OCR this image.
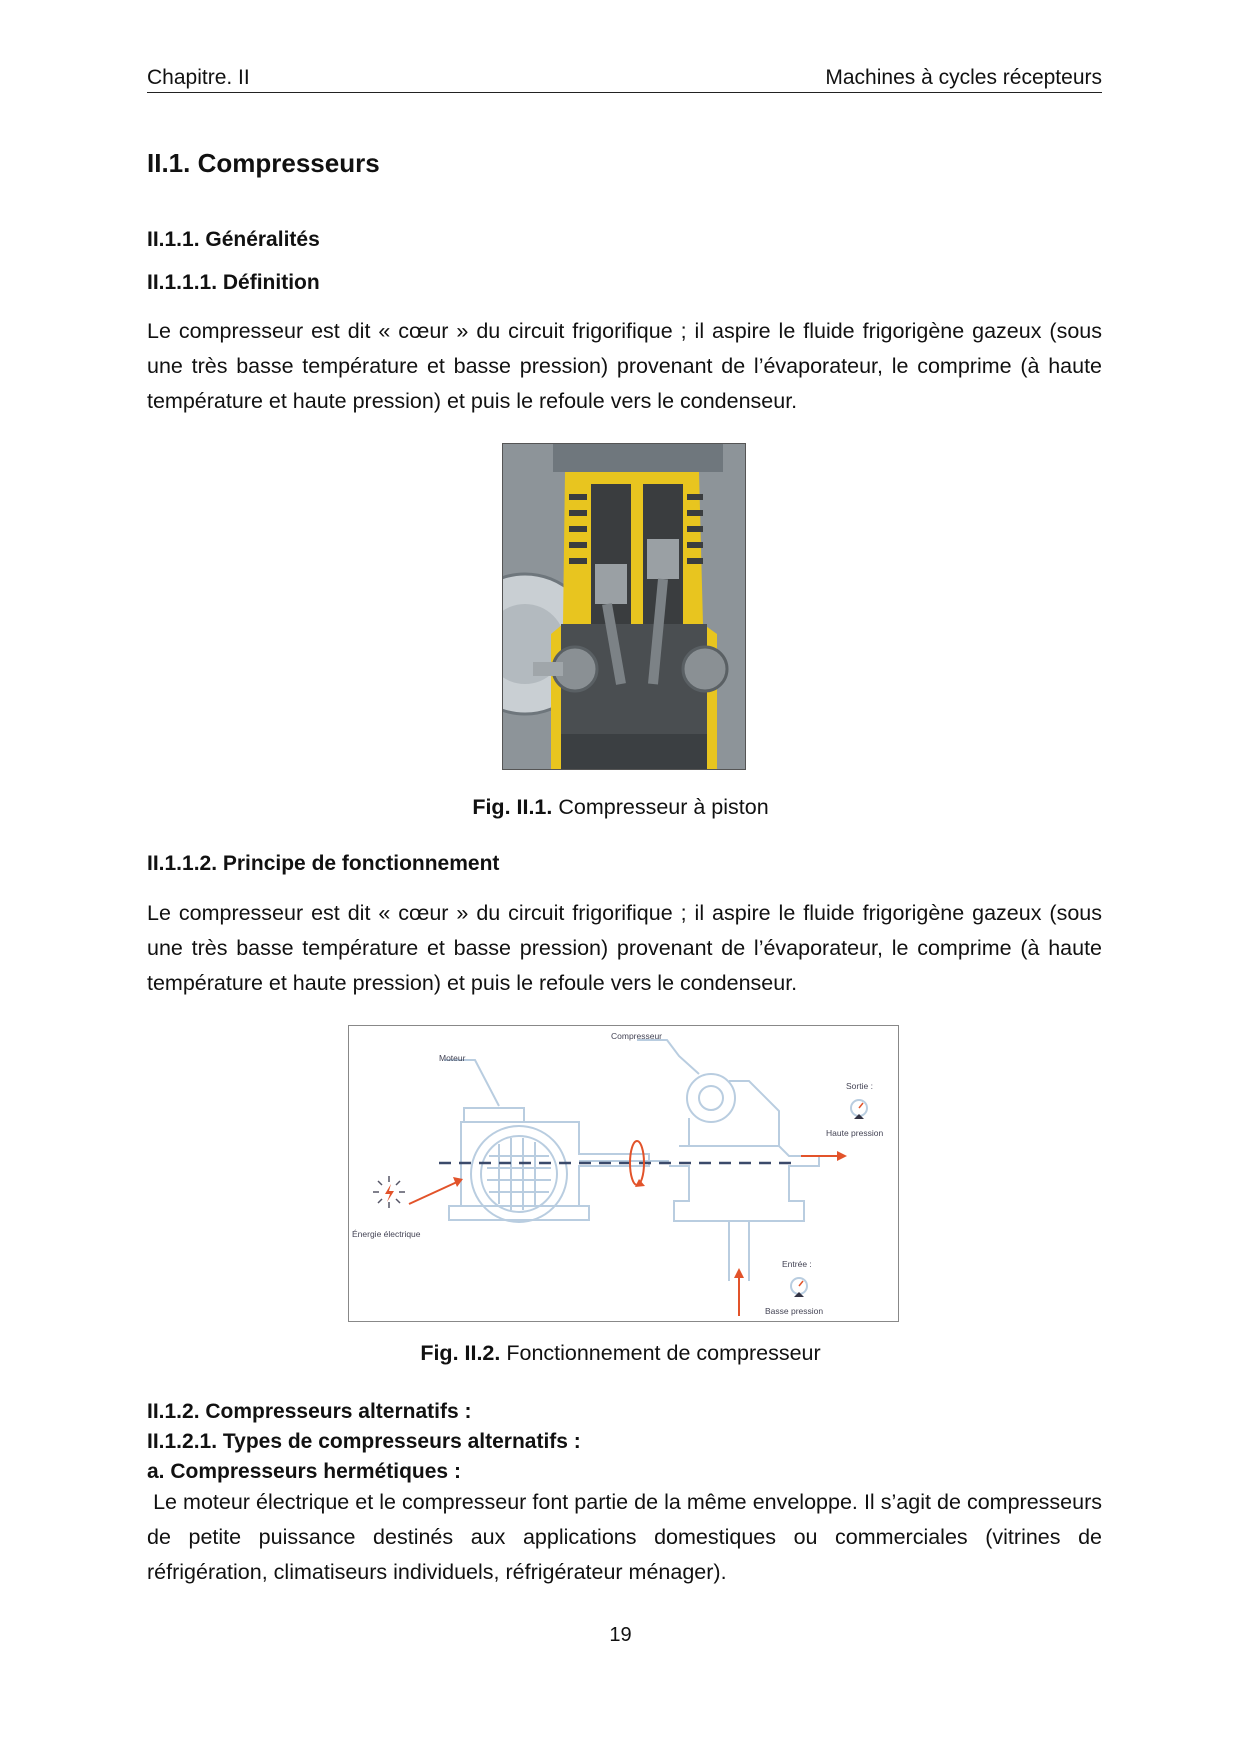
Chapitre. II	Machines à cycles récepteurs
II.1. Compresseurs
II.1.1. Généralités
II.1.1.1. Définition
Le compresseur est dit « cœur » du circuit frigorifique ; il aspire le fluide frigorigène gazeux (sous une très basse température et basse pression) provenant de l’évaporateur, le comprime (à haute température et haute pression) et puis le refoule vers le condenseur.
Fig. II.1. Compresseur à piston
II.1.1.2. Principe de fonctionnement
Le compresseur est dit « cœur » du circuit frigorifique ; il aspire le fluide frigorigène gazeux (sous une très basse température et basse pression) provenant de l’évaporateur, le comprime (à haute température et haute pression) et puis le refoule vers le condenseur.
Compresseur
Moteur
Sortie :
Haute pression
Énergie électrique
Entrée :
Basse pression
Fig. II.2. Fonctionnement de compresseur
II.1.2. Compresseurs alternatifs :
II.1.2.1. Types de compresseurs alternatifs :
a. Compresseurs hermétiques :
Le moteur électrique et le compresseur font partie de la même enveloppe. Il s’agit de compresseurs de petite puissance destinés aux applications domestiques ou commerciales (vitrines de réfrigération, climatiseurs individuels, réfrigérateur ménager).
19
